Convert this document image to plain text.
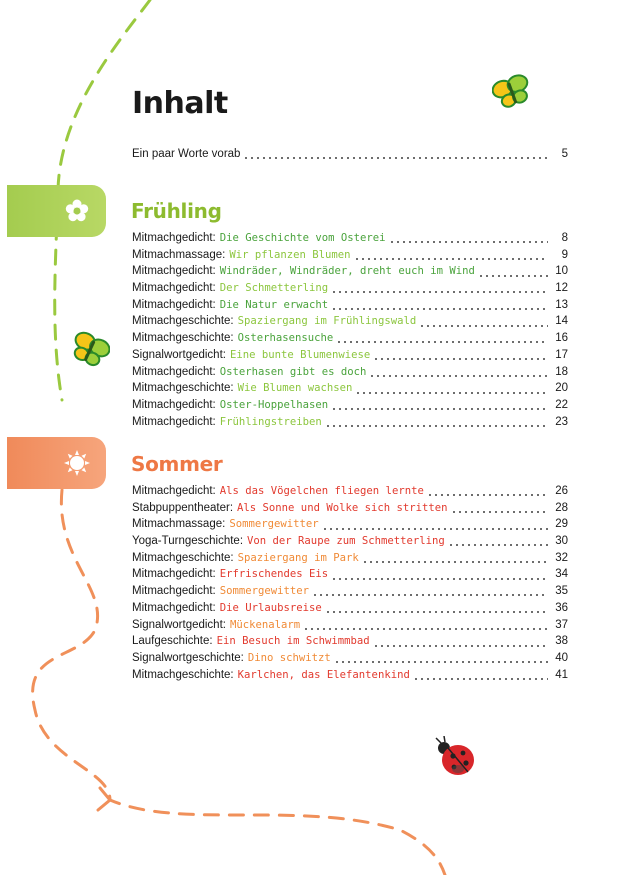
Inhalt
Ein paar Worte vorab	5
Frühling
Mitmachgedicht: Die Geschichte vom Osterei	8
Mitmachmassage: Wir pflanzen Blumen	9
Mitmachgedicht: Windräder, Windräder, dreht euch im Wind	10
Mitmachgedicht: Der Schmetterling	12
Mitmachgedicht: Die Natur erwacht	13
Mitmachgeschichte: Spaziergang im Frühlingswald	14
Mitmachgeschichte: Osterhasensuche	16
Signalwortgedicht: Eine bunte Blumenwiese	17
Mitmachgedicht: Osterhasen gibt es doch	18
Mitmachgeschichte: Wie Blumen wachsen	20
Mitmachgedicht: Oster-Hoppelhasen	22
Mitmachgedicht: Frühlingstreiben	23
Sommer
Mitmachgedicht: Als das Vögelchen fliegen lernte	26
Stabpuppentheater: Als Sonne und Wolke sich stritten	28
Mitmachmassage: Sommergewitter	29
Yoga-Turngeschichte: Von der Raupe zum Schmetterling	30
Mitmachgeschichte: Spaziergang im Park	32
Mitmachgedicht: Erfrischendes Eis	34
Mitmachgedicht: Sommergewitter	35
Mitmachgedicht: Die Urlaubsreise	36
Signalwortgedicht: Mückenalarm	37
Laufgeschichte: Ein Besuch im Schwimmbad	38
Signalwortgeschichte: Dino schwitzt	40
Mitmachgeschichte: Karlchen, das Elefantenkind	41
